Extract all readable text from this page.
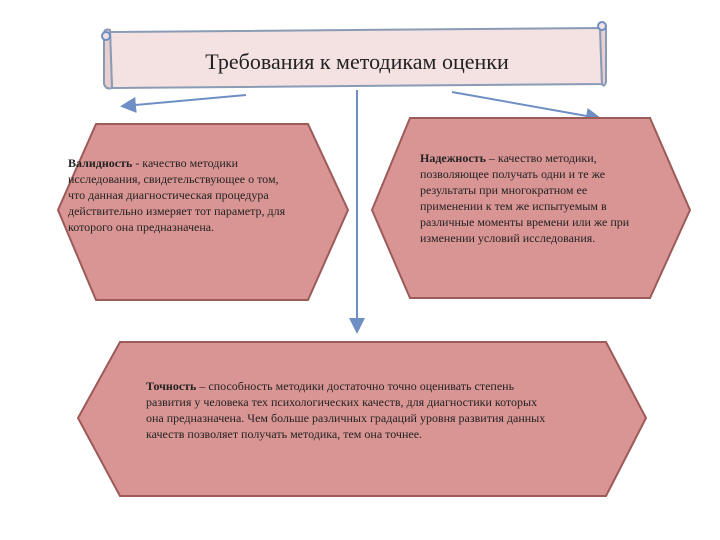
Требования к методикам оценки
Валидность - качество методики исследования, свидетельствующее о том, что данная диагностическая процедура действительно измеряет тот параметр, для которого она предназначена.
Надежность – качество методики, позволяющее получать одни и те же результаты при многократном ее применении к тем же испытуемым в различные моменты времени или же при изменении условий исследования.
Точность – способность методики достаточно точно оценивать степень развития у человека тех психологических качеств, для диагностики которых она предназначена. Чем больше различных градаций уровня развития данных качеств позволяет получать методика, тем она точнее.
